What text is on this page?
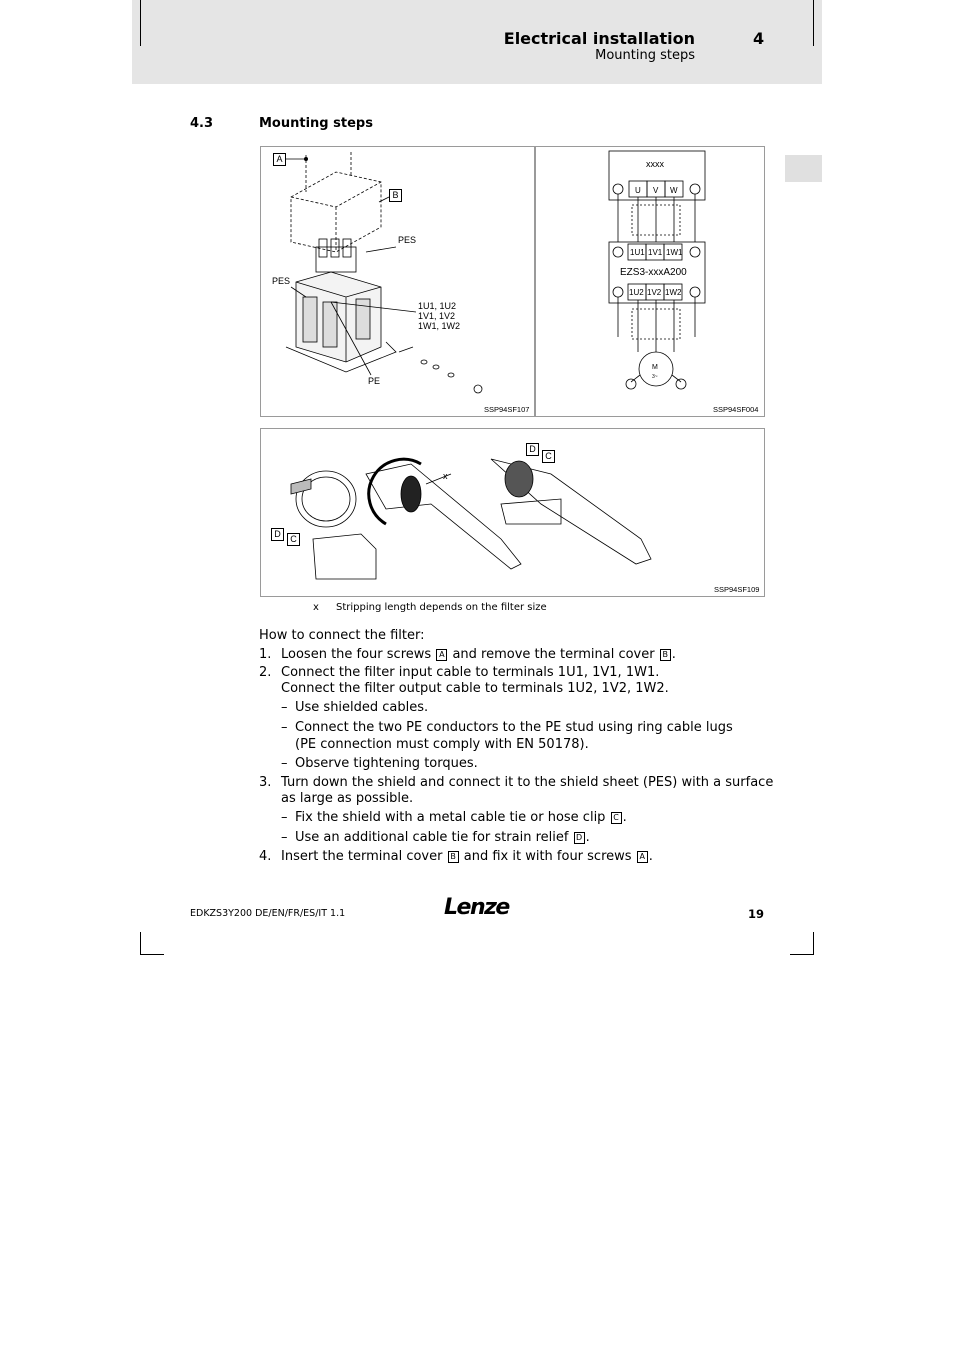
Electrical installation
Mounting steps
4
4.3	Mounting steps
PES
PES
1U1, 1U2
1V1, 1V2
1W1, 1W2
PE
A
B
SSP94SF107
xxxx
U V W
1U1 1V1 1W1
EZS3-xxxA200
1U2 1V2 1W2
M
3~
SSP94SF004
x
D	C
D
C
SSP94SF109
x Stripping length depends on the filter size
How to connect the filter:
1. Loosen the four screws A and remove the terminal cover B .
2. Connect the filter input cable to terminals 1U1, 1V1, 1W1.
Connect the filter output cable to terminals 1U2, 1V2, 1W2.
– Use shielded cables.
– Connect the two PE conductors to the PE stud using ring cable lugs
(PE connection must comply with EN 50178).
– Observe tightening torques.
3. Turn down the shield and connect it to the shield sheet (PES) with a surface
as large as possible.
– Fix the shield with a metal cable tie or hose clip C .
– Use an additional cable tie for strain relief D .
4. Insert the terminal cover B and fix it with four screws A .
EDKZS3Y200 DE/EN/FR/ES/IT 1.1	Lenze	19
